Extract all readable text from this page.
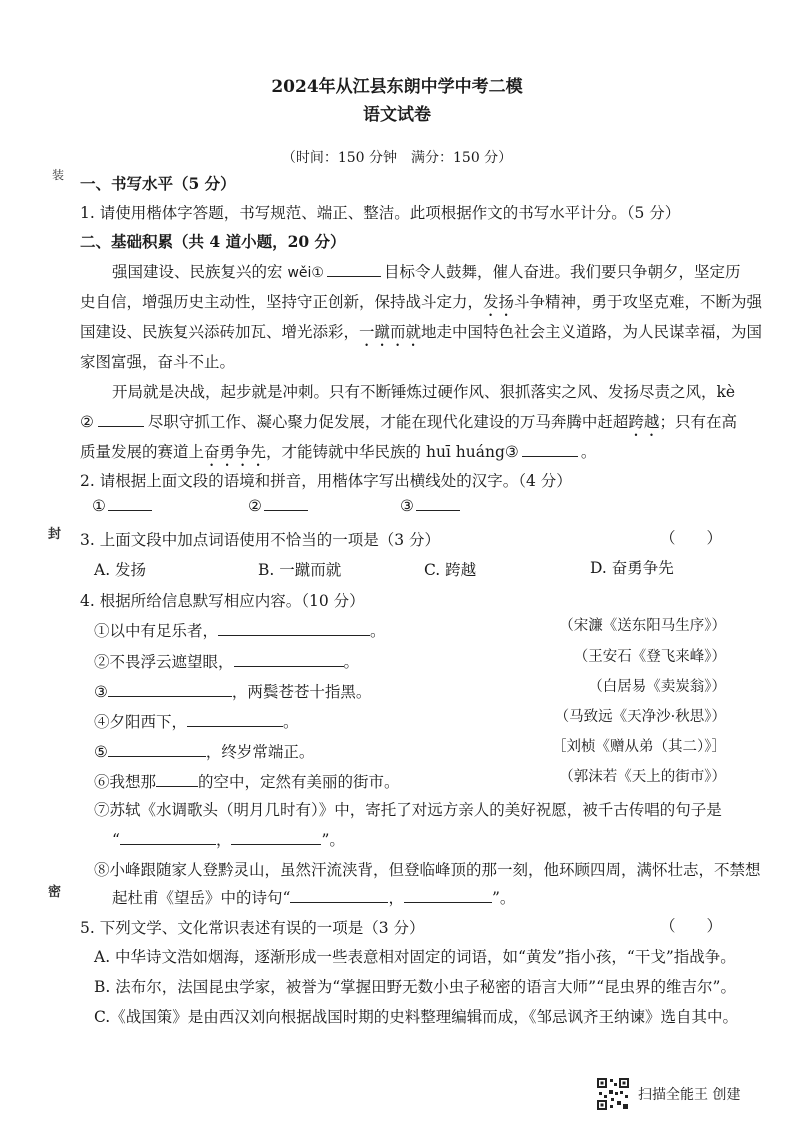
装
封
密
2024年从江县东朗中学中考二模
语文试卷
（时间：150 分钟　满分：150 分）
一、书写水平（5 分）
1. 请使用楷体字答题，书写规范、端正、整洁。此项根据作文的书写水平计分。（5 分）
二、基础积累（共 4 道小题，20 分）
强国建设、民族复兴的宏 wěi①	目标令人鼓舞，催人奋进。我们要只争朝夕，坚定历
史自信，增强历史主动性，坚持守正创新，保持战斗定力，发扬斗争精神，勇于攻坚克难，不断为强
国建设、民族复兴添砖加瓦、增光添彩，一蹴而就地走中国特色社会主义道路，为人民谋幸福，为国
家图富强，奋斗不止。
开局就是决战，起步就是冲刺。只有不断锤炼过硬作风、狠抓落实之风、发扬尽责之风，kè
②	尽职守抓工作、凝心聚力促发展，才能在现代化建设的万马奔腾中赶超跨越；只有在高
质量发展的赛道上奋勇争先，才能铸就中华民族的 huī huáng③	。
2. 请根据上面文段的语境和拼音，用楷体字写出横线处的汉字。（4 分）
①	②	③
3. 上面文段中加点词语使用不恰当的一项是（3 分）	（　　）
A. 发扬	B. 一蹴而就	C. 跨越	D. 奋勇争先
4. 根据所给信息默写相应内容。（10 分）
①以中有足乐者，	。	（宋濂《送东阳马生序》）
②不畏浮云遮望眼，	。	（王安石《登飞来峰》）
③	，两鬓苍苍十指黑。	（白居易《卖炭翁》）
④夕阳西下，	。	（马致远《天净沙·秋思》）
⑤	，终岁常端正。	［刘桢《赠从弟（其二）》］
⑥我想那	的空中，定然有美丽的街市。	（郭沫若《天上的街市》）
⑦苏轼《水调歌头（明月几时有）》中，寄托了对远方亲人的美好祝愿，被千古传唱的句子是
“	，	”。
⑧小峰跟随家人登黔灵山，虽然汗流浃背，但登临峰顶的那一刻，他环顾四周，满怀壮志，不禁想
起杜甫《望岳》中的诗句“	，	”。
5. 下列文学、文化常识表述有误的一项是（3 分）	（　　）
A. 中华诗文浩如烟海，逐渐形成一些表意相对固定的词语，如“黄发”指小孩，“干戈”指战争。
B. 法布尔，法国昆虫学家，被誉为“掌握田野无数小虫子秘密的语言大师”“昆虫界的维吉尔”。
C.《战国策》是由西汉刘向根据战国时期的史料整理编辑而成，《邹忌讽齐王纳谏》选自其中。
扫描全能王 创建
